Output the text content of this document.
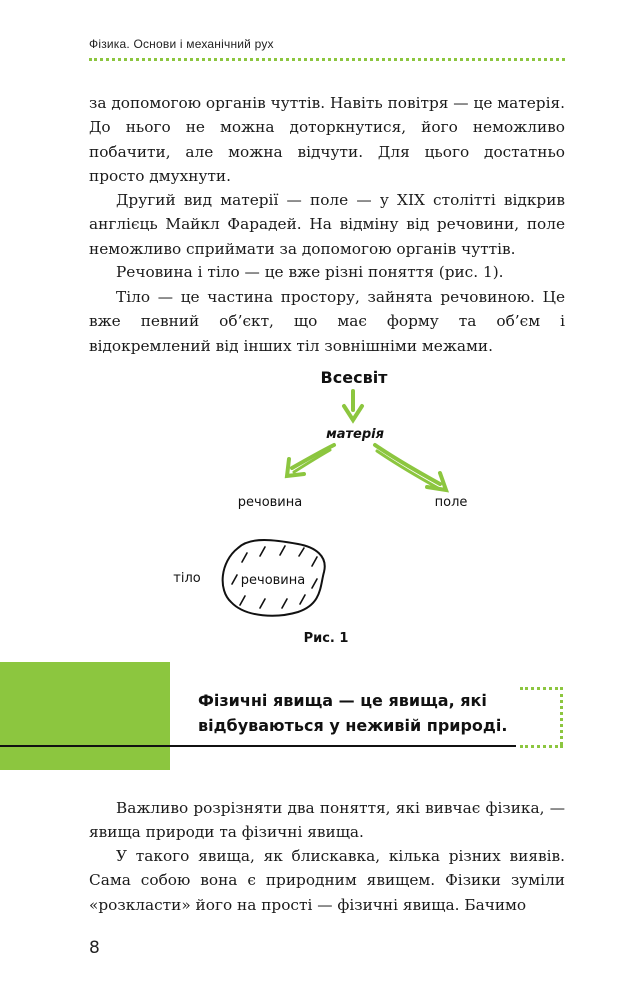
Фізика. Основи і механічний рух

за допомогою органів чуттів. Навіть повітря — це матерія. До нього не можна доторкнутися, його неможливо побачити, але можна відчути. Для цього достатньо просто дмухнути.

Другий вид матерії — поле — у XIX столітті відкрив англієць Майкл Фарадей. На відміну від речовини, поле неможливо сприймати за допомогою органів чуттів.

Речовина і тіло — це вже різні поняття (рис. 1).

Тіло — це частина простору, зайнята речовиною. Це вже певний об’єкт, що має форму та об’єм і відокремлений від інших тіл зовнішніми межами.

Всесвіт
матерія
речовина	поле
тіло	речовина
Рис. 1
Фізичні явища — це явища, які відбуваються у неживій природі.

Важливо розрізняти два поняття, які вивчає фізика, — явища природи та фізичні явища.

У такого явища, як блискавка, кілька різних виявів. Сама собою вона є природним явищем. Фізики зуміли «розкласти» його на прості — фізичні явища. Бачимо

8
